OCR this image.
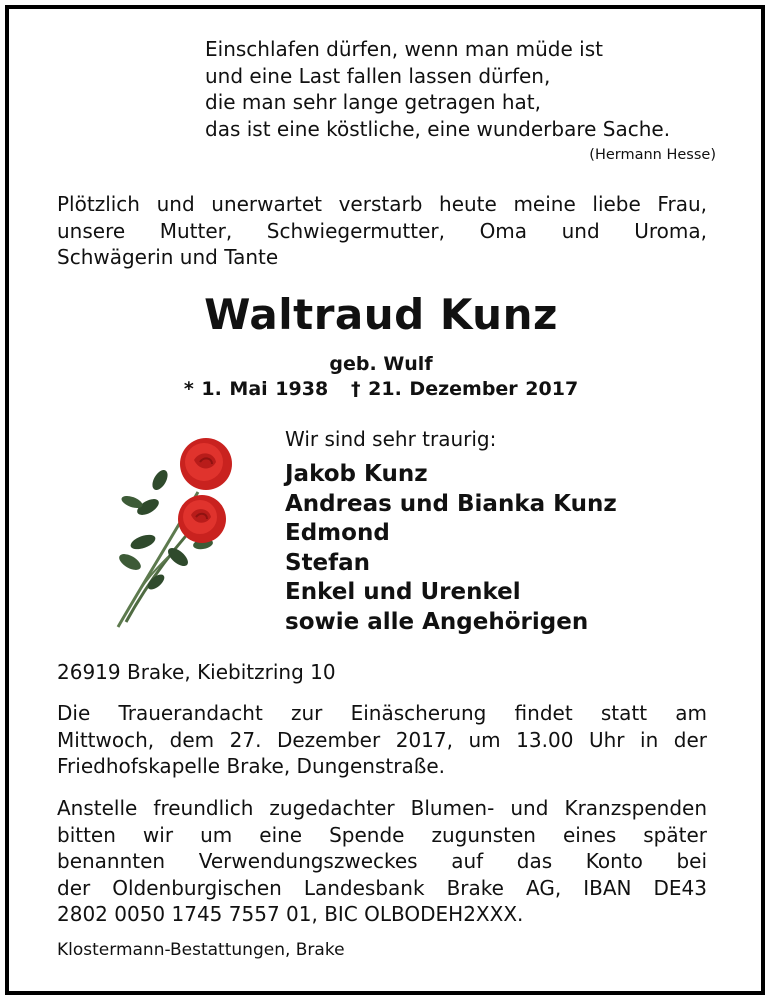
Einschlafen dürfen, wenn man müde ist
und eine Last fallen lassen dürfen,
die man sehr lange getragen hat,
das ist eine köstliche, eine wunderbare Sache.
(Hermann Hesse)
Plötzlich und unerwartet verstarb heute meine liebe Frau,
unsere Mutter, Schwiegermutter, Oma und Uroma,
Schwägerin und Tante
Waltraud Kunz
geb. Wulf
* 1. Mai 1938 † 21. Dezember 2017
Wir sind sehr traurig:
Jakob Kunz
Andreas und Bianka Kunz
Edmond
Stefan
Enkel und Urenkel
sowie alle Angehörigen
26919 Brake, Kiebitzring 10
Die Trauerandacht zur Einäscherung findet statt am
Mittwoch, dem 27. Dezember 2017, um 13.00 Uhr in der
Friedhofskapelle Brake, Dungenstraße.
Anstelle freundlich zugedachter Blumen- und Kranzspenden
bitten wir um eine Spende zugunsten eines später
benannten Verwendungszweckes auf das Konto bei
der Oldenburgischen Landesbank Brake AG, IBAN DE43
2802 0050 1745 7557 01, BIC OLBODEH2XXX.
Klostermann-Bestattungen, Brake
